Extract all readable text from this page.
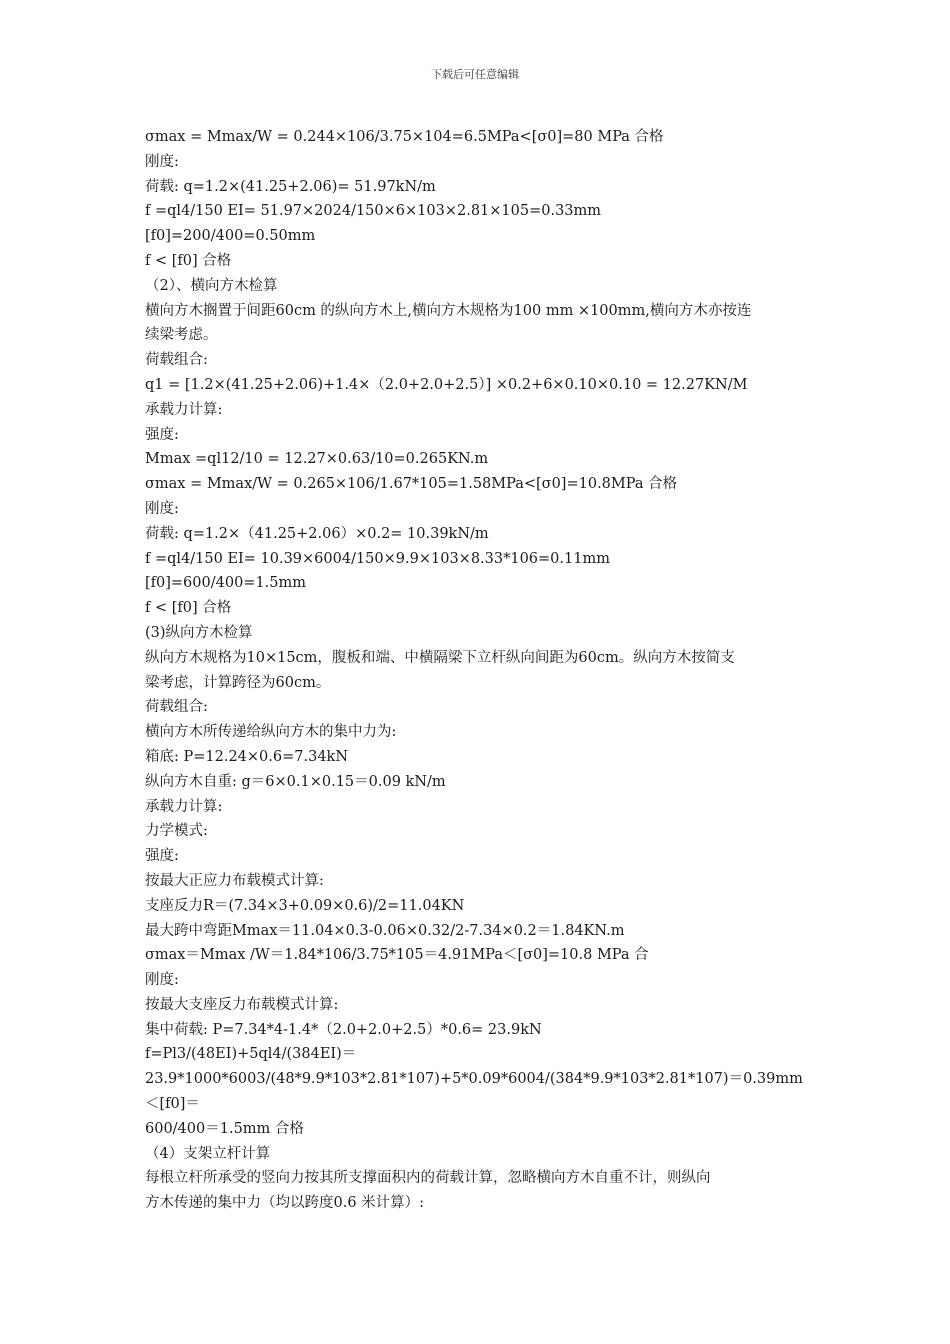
下载后可任意编辑
σmax = Mmax/W = 0.244×106/3.75×104=6.5MPa<[σ0]=80 MPa 合格
刚度:
荷载: q=1.2×(41.25+2.06)= 51.97kN/m
f =ql4/150 EI= 51.97×2024/150×6×103×2.81×105=0.33mm
[f0]=200/400=0.50mm
f < [f0] 合格
（2）、横向方木检算
横向方木搁置于间距60cm 的纵向方木上,横向方木规格为100 mm ×100mm,横向方木亦按连
续梁考虑。
荷载组合:
q1 = [1.2×(41.25+2.06)+1.4×（2.0+2.0+2.5）] ×0.2+6×0.10×0.10 = 12.27KN/M
承载力计算:
强度:
Mmax =ql12/10 = 12.27×0.63/10=0.265KN.m
σmax = Mmax/W = 0.265×106/1.67*105=1.58MPa<[σ0]=10.8MPa 合格
刚度:
荷载: q=1.2×（41.25+2.06）×0.2= 10.39kN/m
f =ql4/150 EI= 10.39×6004/150×9.9×103×8.33*106=0.11mm
[f0]=600/400=1.5mm
f < [f0] 合格
(3)纵向方木检算
纵向方木规格为10×15cm，腹板和端、中横隔梁下立杆纵向间距为60cm。纵向方木按简支
梁考虑，计算跨径为60cm。
荷载组合:
横向方木所传递给纵向方木的集中力为:
箱底: P=12.24×0.6=7.34kN
纵向方木自重: g＝6×0.1×0.15＝0.09 kN/m
承载力计算:
力学模式:
强度:
按最大正应力布载模式计算:
支座反力R＝(7.34×3+0.09×0.6)/2=11.04KN
最大跨中弯距Mmax＝11.04×0.3-0.06×0.32/2-7.34×0.2＝1.84KN.m
σmax＝Mmax /W＝1.84*106/3.75*105＝4.91MPa＜[σ0]=10.8 MPa 合
刚度:
按最大支座反力布载模式计算:
集中荷载: P=7.34*4-1.4*（2.0+2.0+2.5）*0.6= 23.9kN
f=Pl3/(48EI)+5ql4/(384EI)＝
23.9*1000*6003/(48*9.9*103*2.81*107)+5*0.09*6004/(384*9.9*103*2.81*107)＝0.39mm
＜[f0]＝
600/400＝1.5mm 合格
（4）支架立杆计算
每根立杆所承受的竖向力按其所支撑面积内的荷载计算，忽略横向方木自重不计，则纵向
方木传递的集中力（均以跨度0.6 米计算）:
